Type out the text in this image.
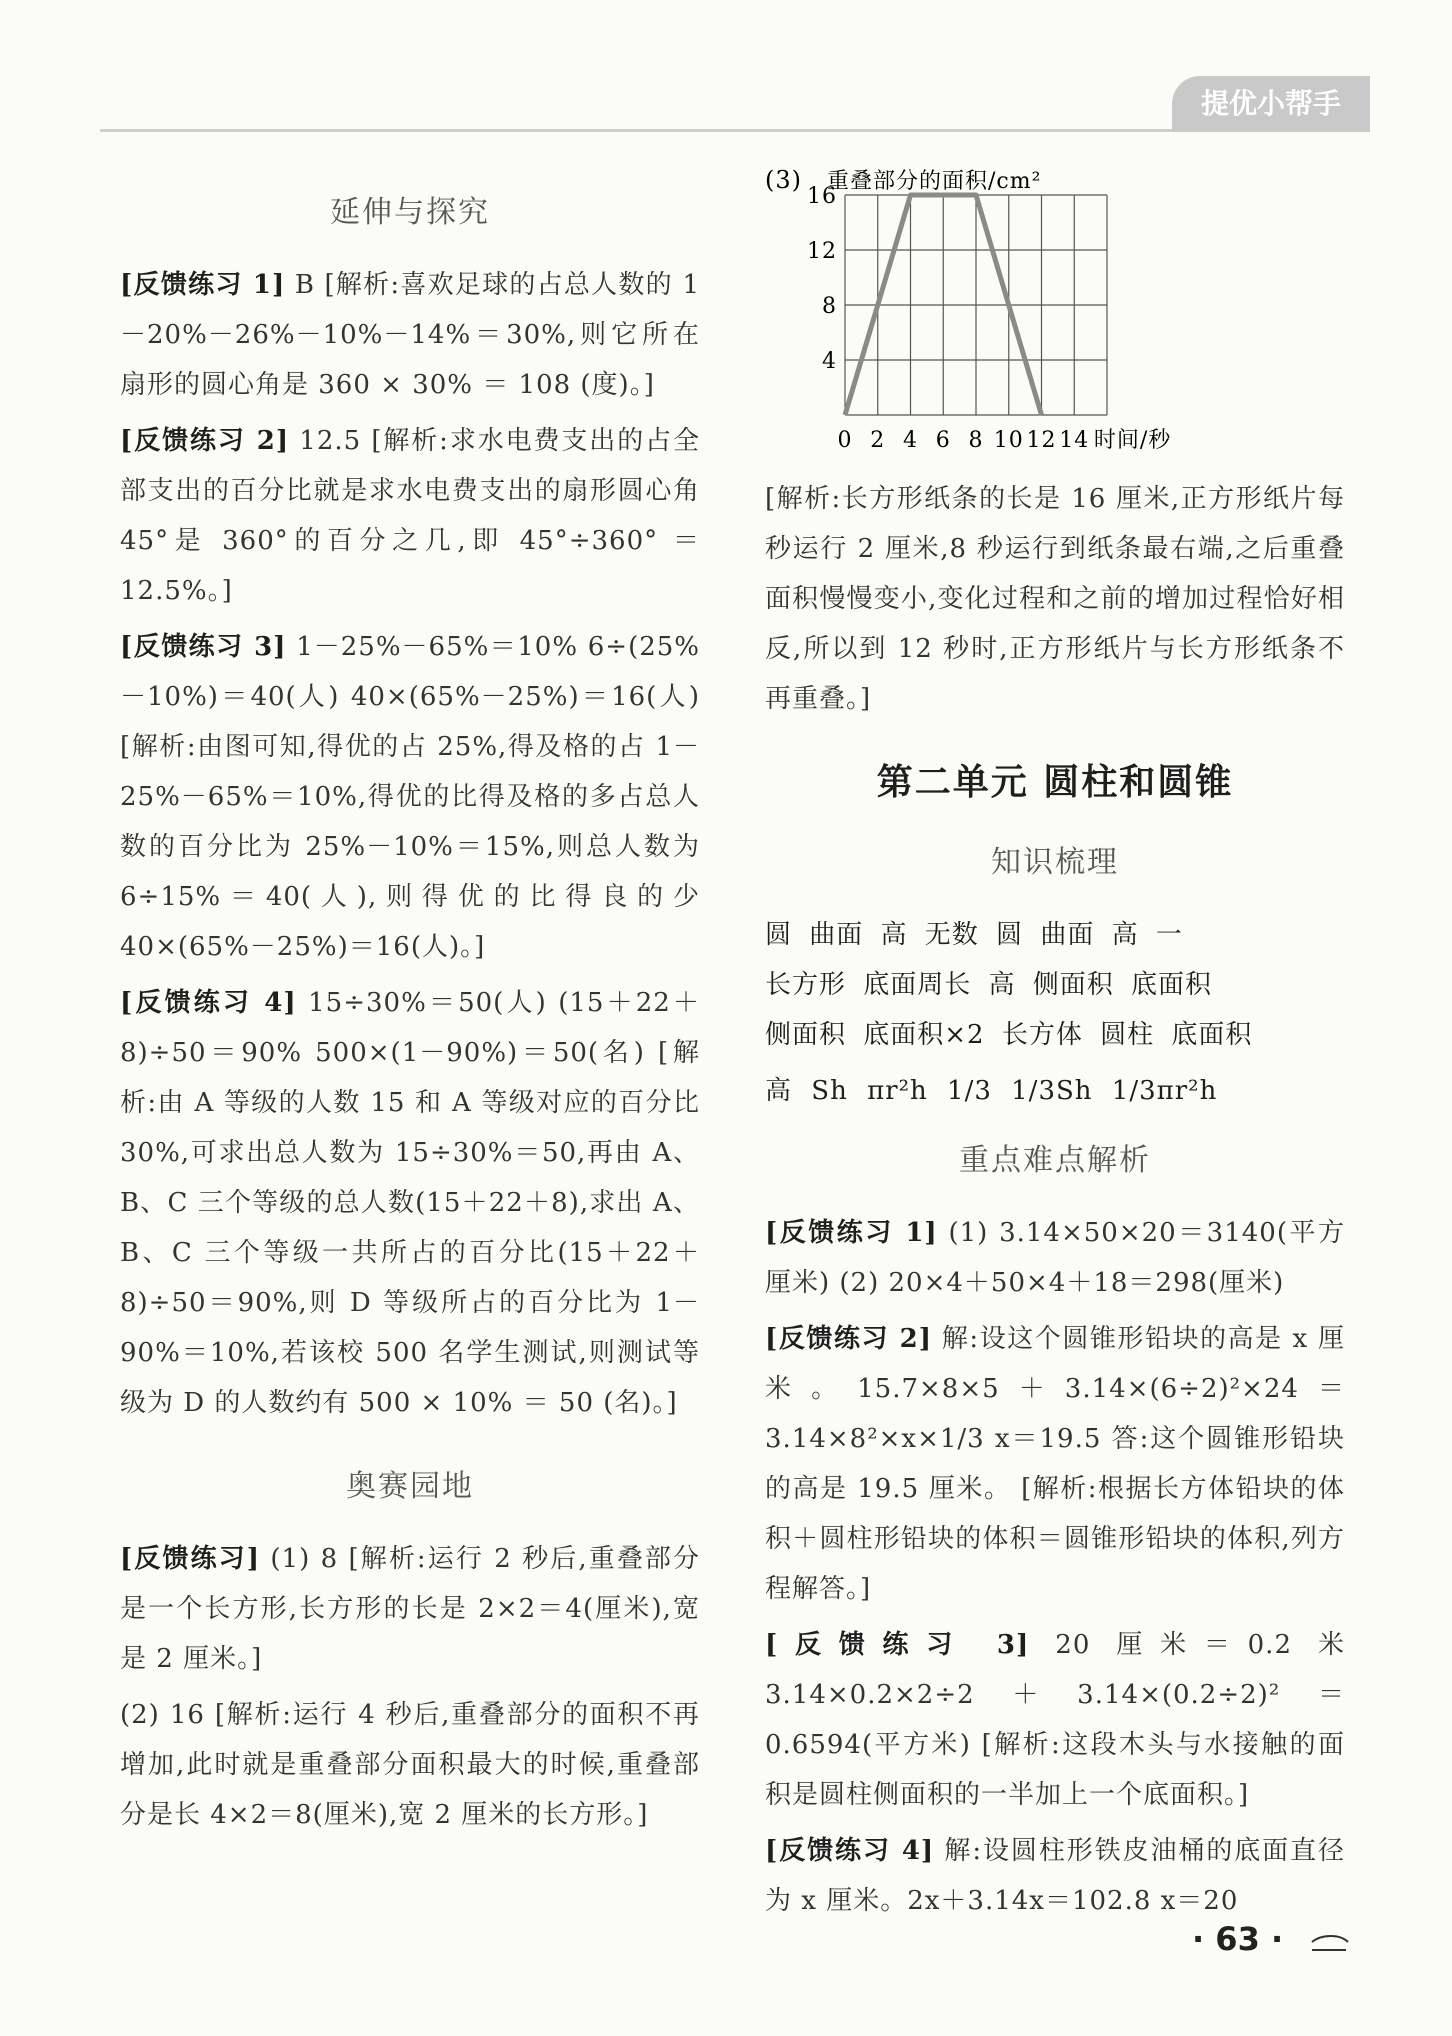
提优小帮手
延伸与探究

[反馈练习 1] B [解析:喜欢足球的占总人数的 1－20%－26%－10%－14%＝30%,则它所在扇形的圆心角是 360 × 30% ＝ 108 (度)。]

[反馈练习 2] 12.5 [解析:求水电费支出的占全部支出的百分比就是求水电费支出的扇形圆心角 45°是 360°的百分之几,即 45°÷360° ＝12.5%。]

[反馈练习 3] 1－25%－65%＝10% 6÷(25%－10%)＝40(人) 40×(65%－25%)＝16(人) [解析:由图可知,得优的占 25%,得及格的占 1－25%－65%＝10%,得优的比得及格的多占总人数的百分比为 25%－10%＝15%,则总人数为 6÷15%＝40(人),则得优的比得良的少 40×(65%－25%)＝16(人)。]

[反馈练习 4] 15÷30%＝50(人) (15＋22＋8)÷50＝90% 500×(1－90%)＝50(名) [解析:由 A 等级的人数 15 和 A 等级对应的百分比 30%,可求出总人数为 15÷30%＝50,再由 A、B、C 三个等级的总人数(15＋22＋8),求出 A、B、C 三个等级一共所占的百分比(15＋22＋8)÷50＝90%,则 D 等级所占的百分比为 1－90%＝10%,若该校 500 名学生测试,则测试等级为 D 的人数约有 500 × 10% ＝ 50 (名)。]

奥赛园地

[反馈练习] (1) 8 [解析:运行 2 秒后,重叠部分是一个长方形,长方形的长是 2×2＝4(厘米),宽是 2 厘米。]

(2) 16 [解析:运行 4 秒后,重叠部分的面积不再增加,此时就是重叠部分面积最大的时候,重叠部分是长 4×2＝8(厘米),宽 2 厘米的长方形。]

(3) 重叠部分的面积/cm²
4
8
12
16
0 2 4 6 8 10 12 14 时间/秒

[解析:长方形纸条的长是 16 厘米,正方形纸片每秒运行 2 厘米,8 秒运行到纸条最右端,之后重叠面积慢慢变小,变化过程和之前的增加过程恰好相反,所以到 12 秒时,正方形纸片与长方形纸条不再重叠。]

第二单元 圆柱和圆锥
知识梳理

圆 曲面 高 无数 圆 曲面 高 一

长方形 底面周长 高 侧面积 底面积

侧面积 底面积×2 长方体 圆柱 底面积

高 Sh πr²h 1/3 1/3Sh 1/3πr²h

重点难点解析

[反馈练习 1] (1) 3.14×50×20＝3140(平方厘米) (2) 20×4＋50×4＋18＝298(厘米)

[反馈练习 2] 解:设这个圆锥形铅块的高是 x 厘米。15.7×8×5＋3.14×(6÷2)²×24＝3.14×8²×x×1/3 x＝19.5 答:这个圆锥形铅块的高是 19.5 厘米。 [解析:根据长方体铅块的体积＋圆柱形铅块的体积＝圆锥形铅块的体积,列方程解答。]

[反馈练习 3] 20 厘米＝0.2 米 3.14×0.2×2÷2＋3.14×(0.2÷2)²＝0.6594(平方米) [解析:这段木头与水接触的面积是圆柱侧面积的一半加上一个底面积。]

[反馈练习 4] 解:设圆柱形铁皮油桶的底面直径为 x 厘米。2x＋3.14x＝102.8 x＝20

· 63 ·
